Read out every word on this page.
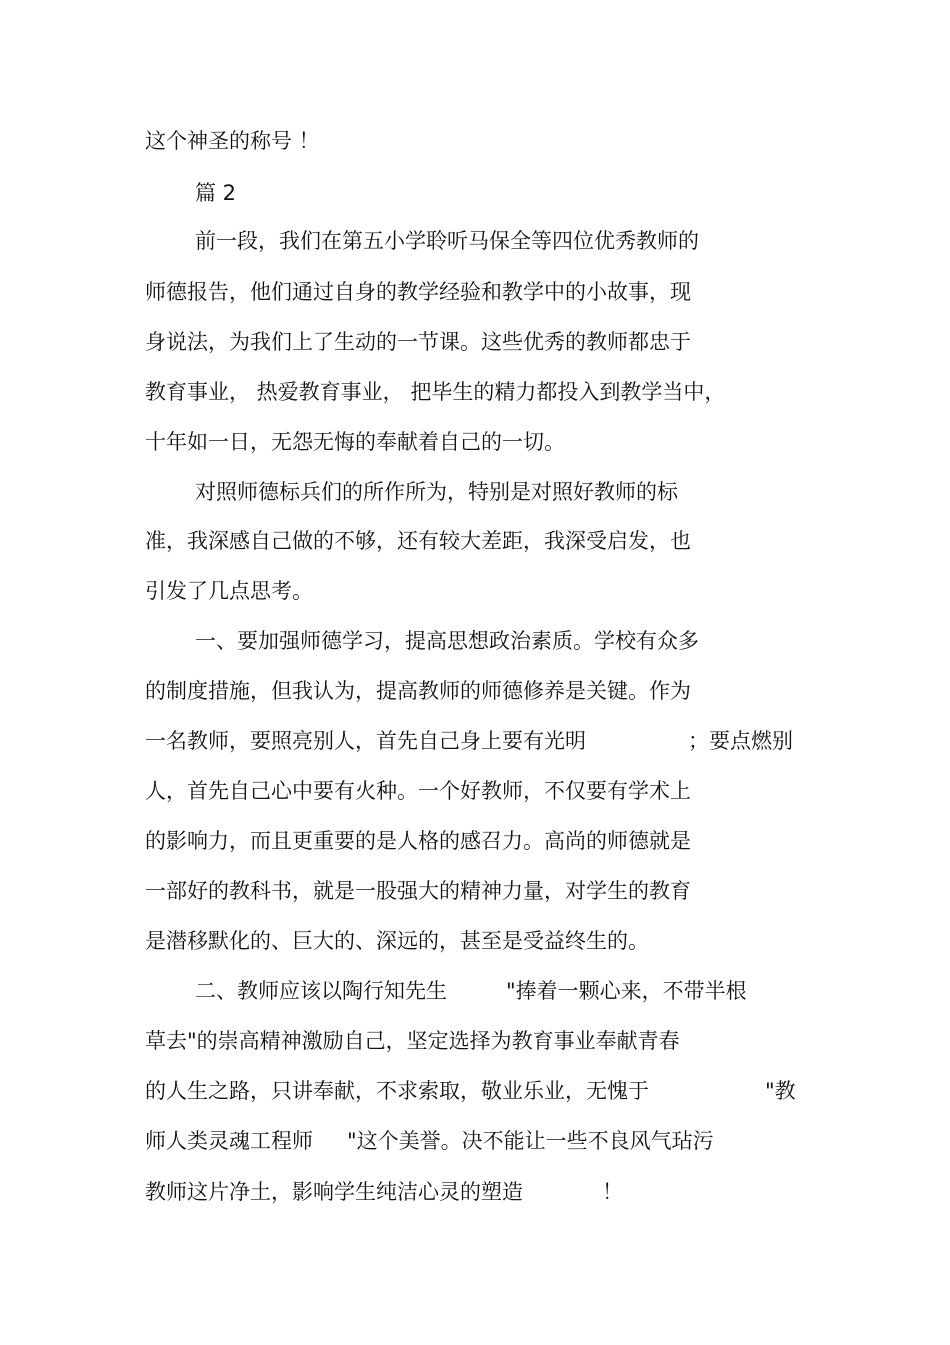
这个神圣的称号 ！
篇 2
前一段，我们在第五小学聆听马保全等四位优秀教师的
师德报告，他们通过自身的教学经验和教学中的小故事，现
身说法，为我们上了生动的一节课。这些优秀的教师都忠于
教育事业， 热爱教育事业， 把毕生的精力都投入到教学当中，
十年如一日，无怨无悔的奉献着自己的一切。
对照师德标兵们的所作所为，特别是对照好教师的标
准，我深感自己做的不够，还有较大差距，我深受启发，也
引发了几点思考。
一、要加强师德学习，提高思想政治素质。学校有众多
的制度措施，但我认为，提高教师的师德修养是关键。作为
一名教师，要照亮别人，首先自己身上要有光明	；要点燃别
人，首先自己心中要有火种。一个好教师，不仅要有学术上
的影响力，而且更重要的是人格的感召力。高尚的师德就是
一部好的教科书，就是一股强大的精神力量，对学生的教育
是潜移默化的、巨大的、深远的，甚至是受益终生的。
二、教师应该以陶行知先生	"捧着一颗心来，不带半根
草去"的崇高精神激励自己，坚定选择为教育事业奉献青春
的人生之路，只讲奉献，不求索取，敬业乐业，无愧于	"教
师人类灵魂工程师 "这个美誉。决不能让一些不良风气玷污
教师这片净土，影响学生纯洁心灵的塑造	！
